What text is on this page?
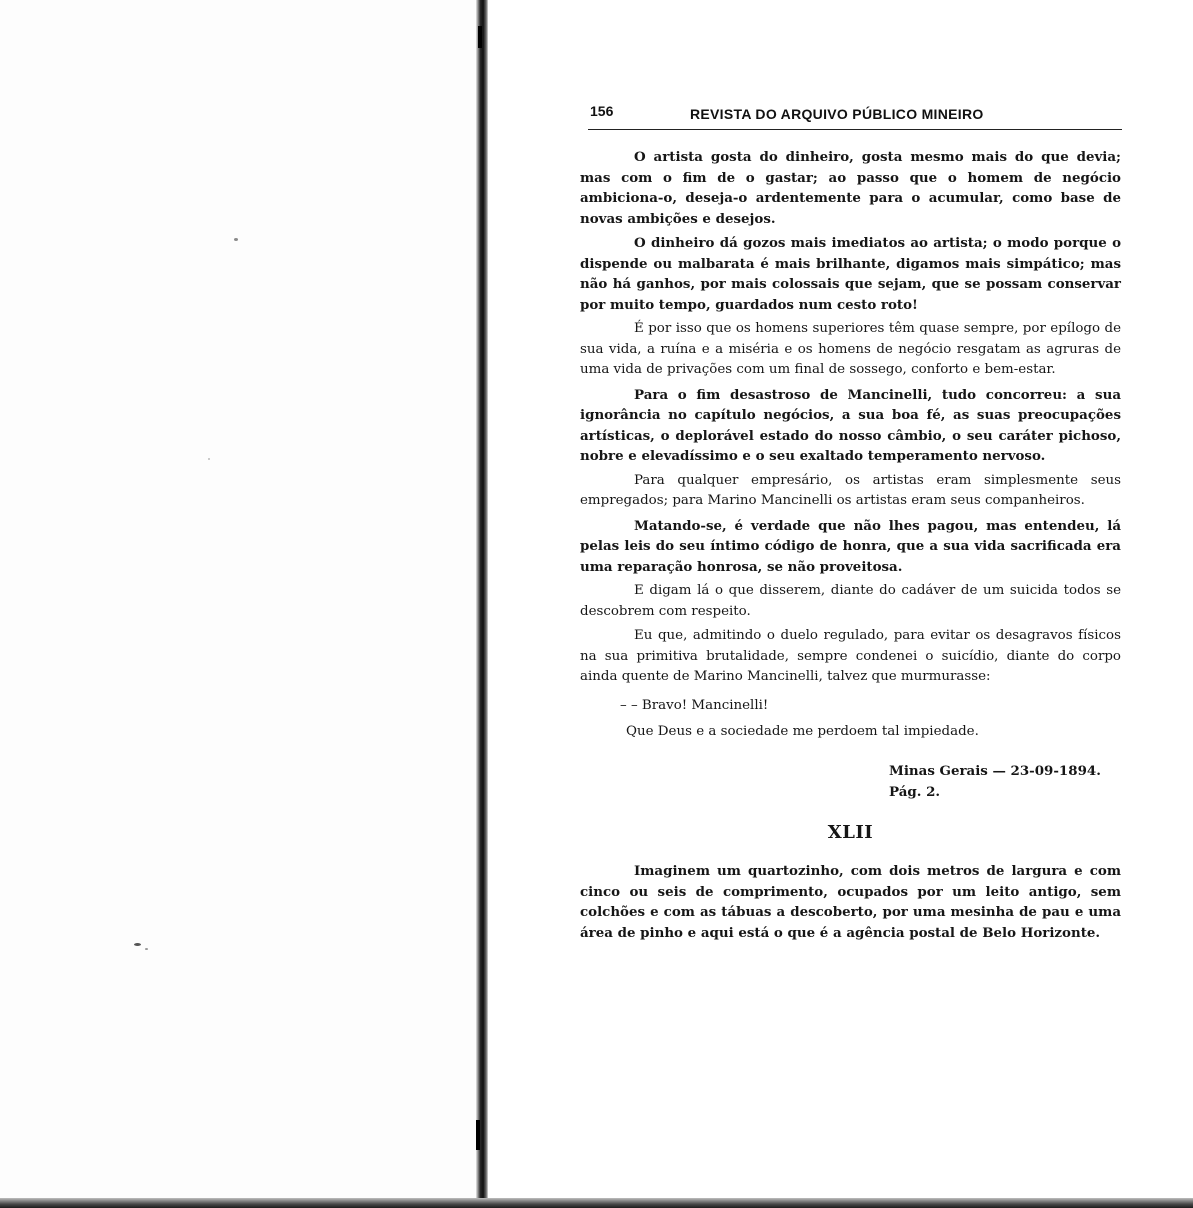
156	REVISTA DO ARQUIVO PÚBLICO MINEIRO

O artista gosta do dinheiro, gosta mesmo mais do que devia; mas com o fim de o gastar; ao passo que o homem de negócio ambiciona-o, deseja-o ardentemente para o acumular, como base de novas ambições e desejos.

O dinheiro dá gozos mais imediatos ao artista; o modo porque o dispende ou malbarata é mais brilhante, digamos mais simpático; mas não há ganhos, por mais colossais que sejam, que se possam conservar por muito tempo, guardados num cesto roto!

É por isso que os homens superiores têm quase sempre, por epílogo de sua vida, a ruína e a miséria e os homens de negócio resgatam as agruras de uma vida de privações com um final de sossego, conforto e bem-estar.

Para o fim desastroso de Mancinelli, tudo concorreu: a sua ignorância no capítulo negócios, a sua boa fé, as suas preocupações artísticas, o deplorável estado do nosso câmbio, o seu caráter pichoso, nobre e elevadíssimo e o seu exaltado temperamento nervoso.

Para qualquer empresário, os artistas eram simplesmente seus empregados; para Marino Mancinelli os artistas eram seus companheiros.

Matando-se, é verdade que não lhes pagou, mas entendeu, lá pelas leis do seu íntimo código de honra, que a sua vida sacrificada era uma reparação honrosa, se não proveitosa.

E digam lá o que disserem, diante do cadáver de um suicida todos se descobrem com respeito.

Eu que, admitindo o duelo regulado, para evitar os desagravos físicos na sua primitiva brutalidade, sempre condenei o suicídio, diante do corpo ainda quente de Marino Mancinelli, talvez que murmurasse:

– – Bravo! Mancinelli!
Que Deus e a sociedade me perdoem tal impiedade.
Minas Gerais — 23-09-1894.
Pág. 2.
XLII

Imaginem um quartozinho, com dois metros de largura e com cinco ou seis de comprimento, ocupados por um leito antigo, sem colchões e com as tábuas a descoberto, por uma mesinha de pau e uma área de pinho e aqui está o que é a agência postal de Belo Horizonte.
